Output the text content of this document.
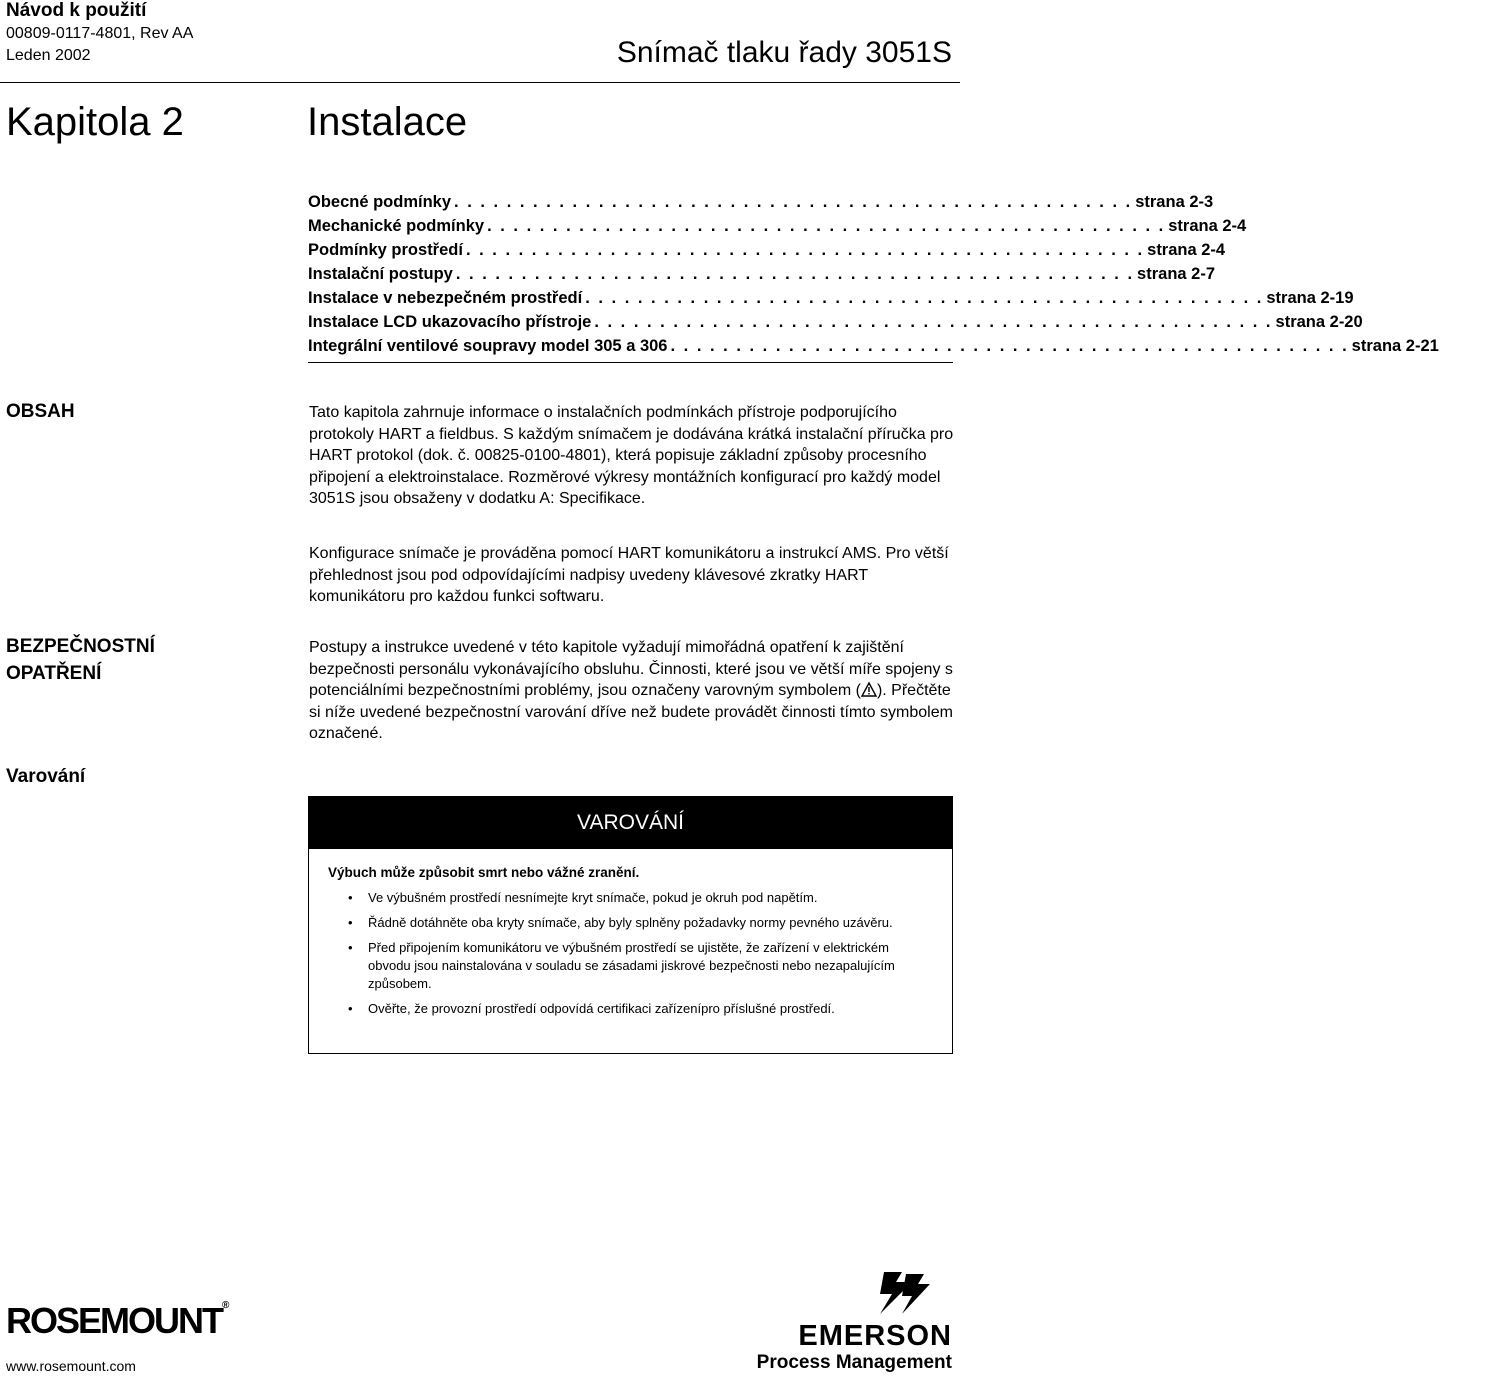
Návod k použití
00809-0117-4801, Rev AA
Leden 2002	Snímač tlaku řady 3051S
Kapitola 2	Instalace
Obecné podmínky . . . . . . . . . . . . . . . . . . . . . . . . . . . . . . . . . . . . . . . . . . . . . . . . . . . . strana 2-3
Mechanické podmínky . . . . . . . . . . . . . . . . . . . . . . . . . . . . . . . . . . . . . . . . . . . . . . . . . . . . strana 2-4
Podmínky prostředí . . . . . . . . . . . . . . . . . . . . . . . . . . . . . . . . . . . . . . . . . . . . . . . . . . . . strana 2-4
Instalační postupy . . . . . . . . . . . . . . . . . . . . . . . . . . . . . . . . . . . . . . . . . . . . . . . . . . . . strana 2-7
Instalace v nebezpečném prostředí . . . . . . . . . . . . . . . . . . . . . . . . . . . . . . . . . . . . . . . . . . . . . . . . . . . . strana 2-19
Instalace LCD ukazovacího přístroje . . . . . . . . . . . . . . . . . . . . . . . . . . . . . . . . . . . . . . . . . . . . . . . . . . . . strana 2-20
Integrální ventilové soupravy model 305 a 306 . . . . . . . . . . . . . . . . . . . . . . . . . . . . . . . . . . . . . . . . . . . . . . . . . . . . strana 2-21
OBSAH	Tato kapitola zahrnuje informace o instalačních podmínkách přístroje podporujícího protokoly HART a fieldbus. S každým snímačem je dodávána krátká instalační příručka pro HART protokol (dok. č. 00825-0100-4801), která popisuje základní způsoby procesního připojení a elektroinstalace. Rozměrové výkresy montážních konfigurací pro každý model 3051S jsou obsaženy v dodatku A: Specifikace.
Konfigurace snímače je prováděna pomocí HART komunikátoru a instrukcí AMS. Pro větší přehlednost jsou pod odpovídajícími nadpisy uvedeny klávesové zkratky HART komunikátoru pro každou funkci softwaru.
BEZPEČNOSTNÍ
OPATŘENÍ
Postupy a instrukce uvedené v této kapitole vyžadují mimořádná opatření k zajištění bezpečnosti personálu vykonávajícího obsluhu. Činnosti, které jsou ve větší míře spojeny s potenciálními bezpečnostními problémy, jsou označeny varovným symbolem ( ). Přečtěte si níže uvedené bezpečnostní varování dříve než budete provádět činnosti tímto symbolem označené.
Varování
VAROVÁNÍ
Výbuch může způsobit smrt nebo vážné zranění.
• Ve výbušném prostředí nesnímejte kryt snímače, pokud je okruh pod napětím.
• Řádně dotáhněte oba kryty snímače, aby byly splněny požadavky normy pevného uzávěru.
• Před připojením komunikátoru ve výbušném prostředí se ujistěte, že zařízení v elektrickém obvodu jsou nainstalována v souladu se zásadami jiskrové bezpečnosti nebo nezapalujícím způsobem.
• Ověřte, že provozní prostředí odpovídá certifikaci zařízenípro příslušné prostředí.
ROSEMOUNT®
www.rosemount.com
EMERSON
Process Management
